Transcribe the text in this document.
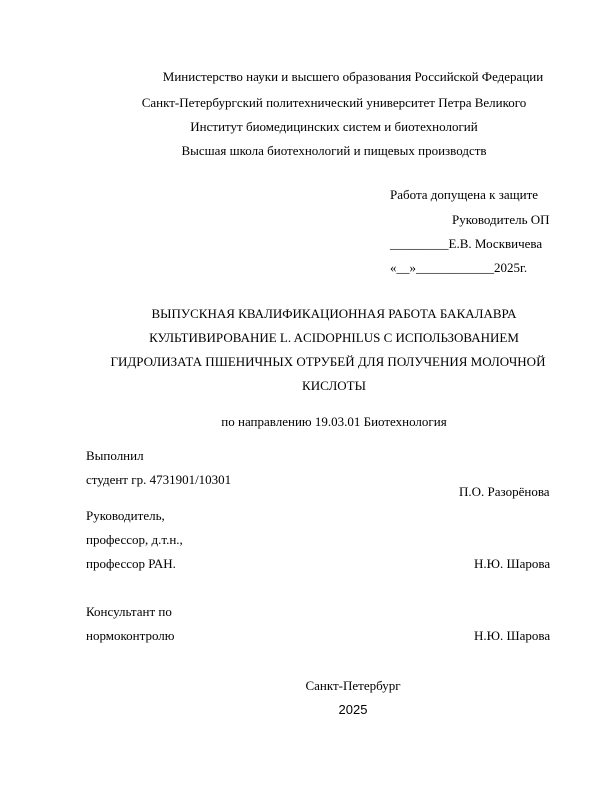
Министерство науки и высшего образования Российской Федерации
Санкт-Петербургский политехнический университет Петра Великого
Институт биомедицинских систем и биотехнологий
Высшая школа биотехнологий и пищевых производств
Работа допущена к защите
Руководитель ОП
_________Е.В. Москвичева
«__»____________2025г.
ВЫПУСКНАЯ КВАЛИФИКАЦИОННАЯ РАБОТА БАКАЛАВРА
КУЛЬТИВИРОВАНИЕ L. ACIDOPHILUS С ИСПОЛЬЗОВАНИЕМ
ГИДРОЛИЗАТА ПШЕНИЧНЫХ ОТРУБЕЙ ДЛЯ ПОЛУЧЕНИЯ МОЛОЧНОЙ
КИСЛОТЫ
по направлению 19.03.01 Биотехнология
Выполнил
студент гр. 4731901/10301
П.О. Разорёнова
Руководитель,
профессор, д.т.н.,
профессор РАН.	Н.Ю. Шарова
Консультант по
нормоконтролю	Н.Ю. Шарова
Санкт-Петербург
2025
